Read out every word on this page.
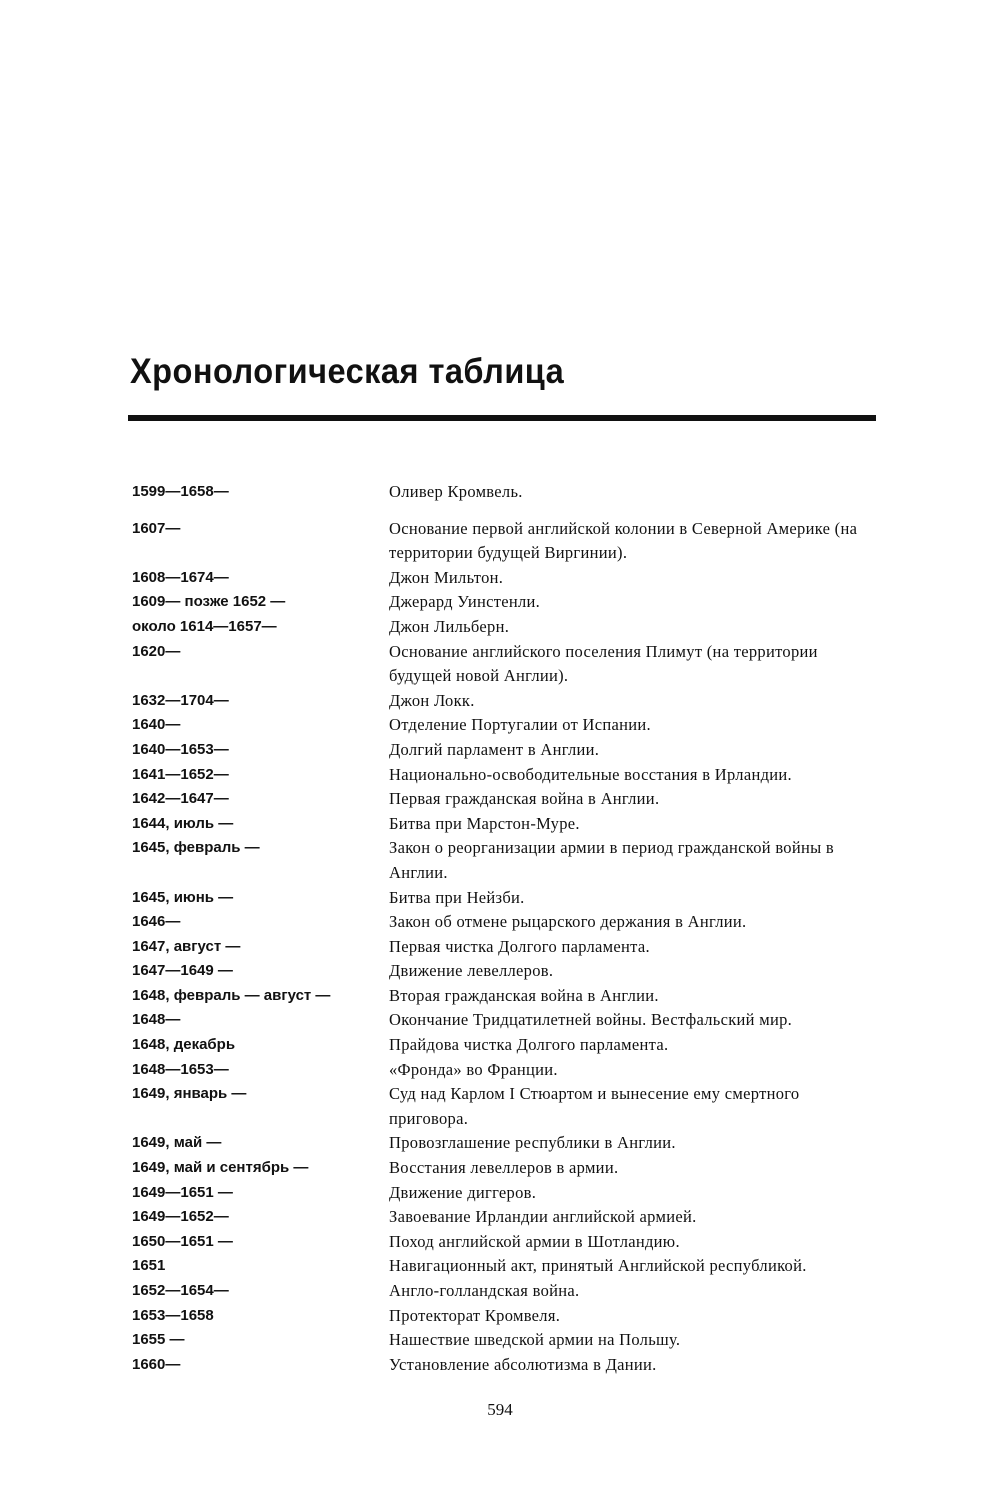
Хронологическая таблица
1599—1658—	Оливер Кромвель.
1607—	Основание первой английской колонии в Северной Америке (на территории будущей Виргинии).
1608—1674—	Джон Мильтон.
1609— позже 1652 —	Джерард Уинстенли.
около 1614—1657—	Джон Лильберн.
1620—	Основание английского поселения Плимут (на территории будущей новой Англии).
1632—1704—	Джон Локк.
1640—	Отделение Португалии от Испании.
1640—1653—	Долгий парламент в Англии.
1641—1652—	Национально-освободительные восстания в Ирландии.
1642—1647—	Первая гражданская война в Англии.
1644, июль —	Битва при Марстон-Муре.
1645, февраль —	Закон о реорганизации армии в период гражданской войны в Англии.
1645, июнь —	Битва при Нейзби.
1646—	Закон об отмене рыцарского держания в Англии.
1647, август —	Первая чистка Долгого парламента.
1647—1649 —	Движение левеллеров.
1648, февраль — август —	Вторая гражданская война в Англии.
1648—	Окончание Тридцатилетней войны. Вестфальский мир.
1648, декабрь	Прайдова чистка Долгого парламента.
1648—1653—	«Фронда» во Франции.
1649, январь —	Суд над Карлом I Стюартом и вынесение ему смертного приговора.
1649, май —	Провозглашение республики в Англии.
1649, май и сентябрь —	Восстания левеллеров в армии.
1649—1651 —	Движение диггеров.
1649—1652—	Завоевание Ирландии английской армией.
1650—1651 —	Поход английской армии в Шотландию.
1651	Навигационный акт, принятый Английской республикой.
1652—1654—	Англо-голландская война.
1653—1658	Протекторат Кромвеля.
1655 —	Нашествие шведской армии на Польшу.
1660—	Установление абсолютизма в Дании.
594
